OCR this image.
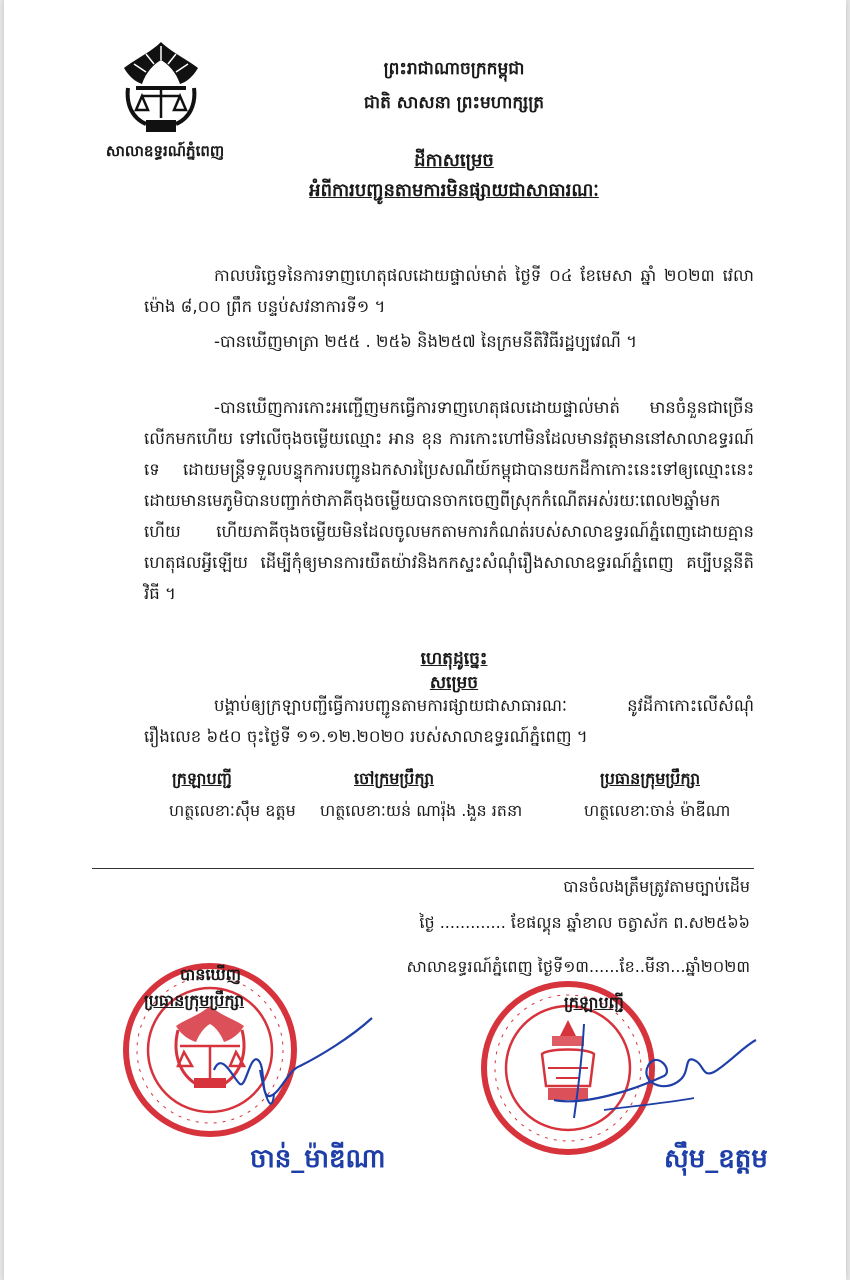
សាលាឧទ្ធរណ៍ភ្នំពេញ
ព្រះរាជាណាចក្រកម្ពុជា
ជាតិ សាសនា ព្រះមហាក្សត្រ
ដីកាសម្រេច
អំពីការបញ្ជូនតាមការមិនផ្សាយជាសាធារណៈ
កាលបរិច្ឆេទនៃការទាញហេតុផលដោយផ្ទាល់មាត់ ថ្ងៃទី ០៤ ខែមេសា ឆ្នាំ ២០២៣ វេលាម៉ោង ៨,០០ ព្រឹក បន្ទប់សវនាការទី១ ។
-បានឃើញមាត្រា ២៥៥ . ២៥៦ និង២៥៧ នៃក្រមនីតិវិធីរដ្ឋប្បវេណី ។
-បានឃើញការកោះអញ្ជើញមកធ្វើការទាញហេតុផលដោយផ្ទាល់មាត់ មានចំនួនជាច្រើនលើកមកហើយ ទៅលើចុងចម្លើយឈ្មោះ អាន ខុន ការកោះហៅមិនដែលមានវត្តមាននៅសាលាឧទ្ធរណ៍ទេ ដោយមន្ត្រីទទួលបន្ទុកការបញ្ជូនឯកសារប្រៃសណីយ៍កម្ពុជាបានយកដីកាកោះនេះទៅឲ្យឈ្មោះនេះ ដោយមានមេភូមិបានបញ្ជាក់ថាភាគីចុងចម្លើយបានចាកចេញពីស្រុកកំណើតអស់រយៈពេល២ឆ្នាំមកហើយ ហើយភាគីចុងចម្លើយមិនដែលចូលមកតាមការកំណត់របស់សាលាឧទ្ធរណ៍ភ្នំពេញដោយគ្មានហេតុផលអ្វីឡើយ ដើម្បីកុំឲ្យមានការយឺតយ៉ាវនិងកកស្ទះសំណុំរឿងសាលាឧទ្ធរណ៍ភ្នំពេញ គប្បីបន្តនីតិវិធី ។
ហេតុដូច្នេះ
សម្រេច
បង្គាប់ឲ្យក្រឡាបញ្ជីធ្វើការបញ្ជូនតាមការផ្សាយជាសាធារណៈ នូវដីកាកោះលើសំណុំរឿងលេខ ៦៥០ ចុះថ្ងៃទី ១១.១២.២០២០ របស់សាលាឧទ្ធរណ៍ភ្នំពេញ ។
ក្រឡាបញ្ជី	ចៅក្រមប្រឹក្សា	ប្រធានក្រុមប្រឹក្សា
ហត្ថលេខាៈស៊ឹម ឧត្តម ហត្ថលេខាៈយន់ ណារ៉ុង .ងួន រតនា	ហត្ថលេខាៈចាន់ ម៉ាឌីណា
បានចំលងត្រឹមត្រូវតាមច្បាប់ដើម
ថ្ងៃ ............. ខែផល្គុន ឆ្នាំខាល ចត្វាស័ក ព.ស២៥៦៦
សាលាឧទ្ធរណ៍ភ្នំពេញ ថ្ងៃទី១៣......ខែ..មីនា...ឆ្នាំ២០២៣
បានឃើញ
ប្រធានក្រុមប្រឹក្សា
ចាន់_ម៉ាឌីណា
ក្រឡាបញ្ជី
ស៊ឹម_ឧត្តម
